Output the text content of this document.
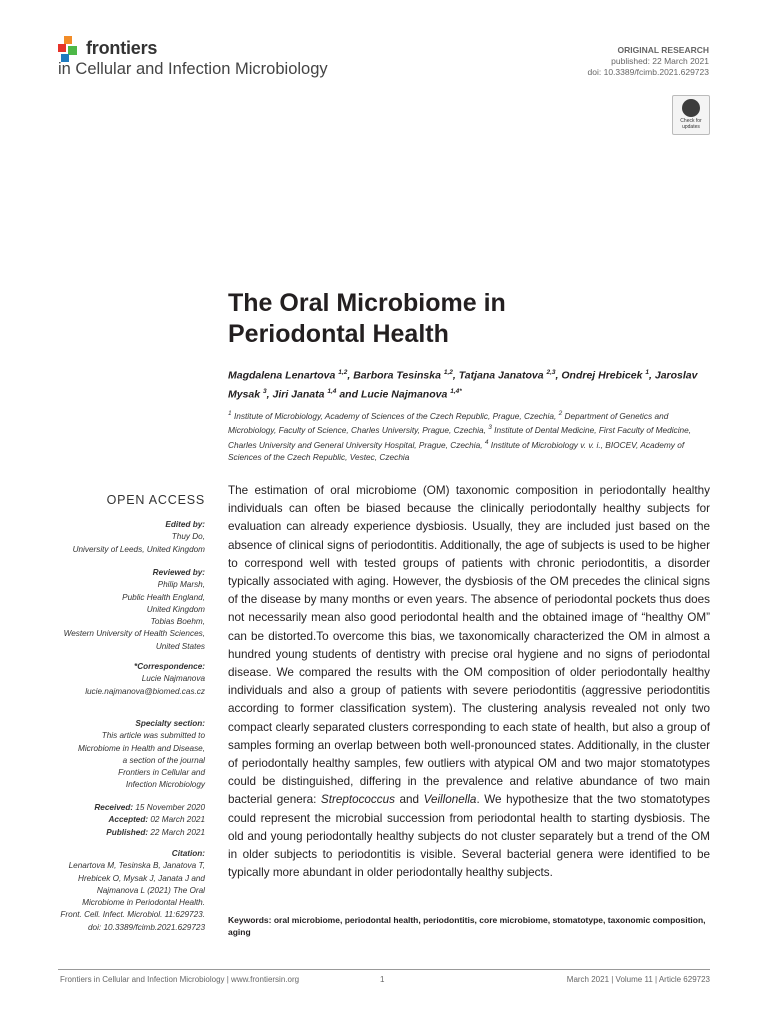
frontiers
in Cellular and Infection Microbiology
ORIGINAL RESEARCH
published: 22 March 2021
doi: 10.3389/fcimb.2021.629723
Check for
updates
The Oral Microbiome in
Periodontal Health
Magdalena Lenartova $^{1,2}$, Barbora Tesinska $^{1,2}$, Tatjana Janatova $^{2,3}$, Ondrej Hrebicek $^1$, Jaroslav Mysak $^3$, Jiri Janata $^{1,4}$ and Lucie Najmanova $^{1,4*}$
$^1$ Institute of Microbiology, Academy of Sciences of the Czech Republic, Prague, Czechia, $^2$ Department of Genetics and Microbiology, Faculty of Science, Charles University, Prague, Czechia, $^3$ Institute of Dental Medicine, First Faculty of Medicine, Charles University and General University Hospital, Prague, Czechia, $^4$ Institute of Microbiology v. v. i., BIOCEV, Academy of Sciences of the Czech Republic, Vestec, Czechia
The estimation of oral microbiome (OM) taxonomic composition in periodontally healthy individuals can often be biased because the clinically periodontally healthy subjects for evaluation can already experience dysbiosis. Usually, they are included just based on the absence of clinical signs of periodontitis. Additionally, the age of subjects is used to be higher to correspond well with tested groups of patients with chronic periodontitis, a disorder typically associated with aging. However, the dysbiosis of the OM precedes the clinical signs of the disease by many months or even years. The absence of periodontal pockets thus does not necessarily mean also good periodontal health and the obtained image of “healthy OM” can be distorted.To overcome this bias, we taxonomically characterized the OM in almost a hundred young students of dentistry with precise oral hygiene and no signs of periodontal disease. We compared the results with the OM composition of older periodontally healthy individuals and also a group of patients with severe periodontitis (aggressive periodontitis according to former classification system). The clustering analysis revealed not only two compact clearly separated clusters corresponding to each state of health, but also a group of samples forming an overlap between both well-pronounced states. Additionally, in the cluster of periodontally healthy samples, few outliers with atypical OM and two major stomatotypes could be distinguished, differing in the prevalence and relative abundance of two main bacterial genera: Streptococcus and Veillonella. We hypothesize that the two stomatotypes could represent the microbial succession from periodontal health to starting dysbiosis. The old and young periodontally healthy subjects do not cluster separately but a trend of the OM in older subjects to periodontitis is visible. Several bacterial genera were identified to be typically more abundant in older periodontally healthy subjects.
Keywords: oral microbiome, periodontal health, periodontitis, core microbiome, stomatotype, taxonomic composition, aging
OPEN ACCESS
Edited by:
Thuy Do,
University of Leeds, United Kingdom
Reviewed by:
Philip Marsh,
Public Health England,
United Kingdom
Tobias Boehm,
Western University of Health Sciences,
United States
*Correspondence:
Lucie Najmanova
lucie.najmanova@biomed.cas.cz
Specialty section:
This article was submitted to
Microbiome in Health and Disease,
a section of the journal
Frontiers in Cellular and
Infection Microbiology
Received: 15 November 2020
Accepted: 02 March 2021
Published: 22 March 2021
Citation:
Lenartova M, Tesinska B, Janatova T,
Hrebicek O, Mysak J, Janata J and
Najmanova L (2021) The Oral
Microbiome in Periodontal Health.
Front. Cell. Infect. Microbiol. 11:629723.
doi: 10.3389/fcimb.2021.629723
Frontiers in Cellular and Infection Microbiology | www.frontiersin.org	1	March 2021 | Volume 11 | Article 629723
